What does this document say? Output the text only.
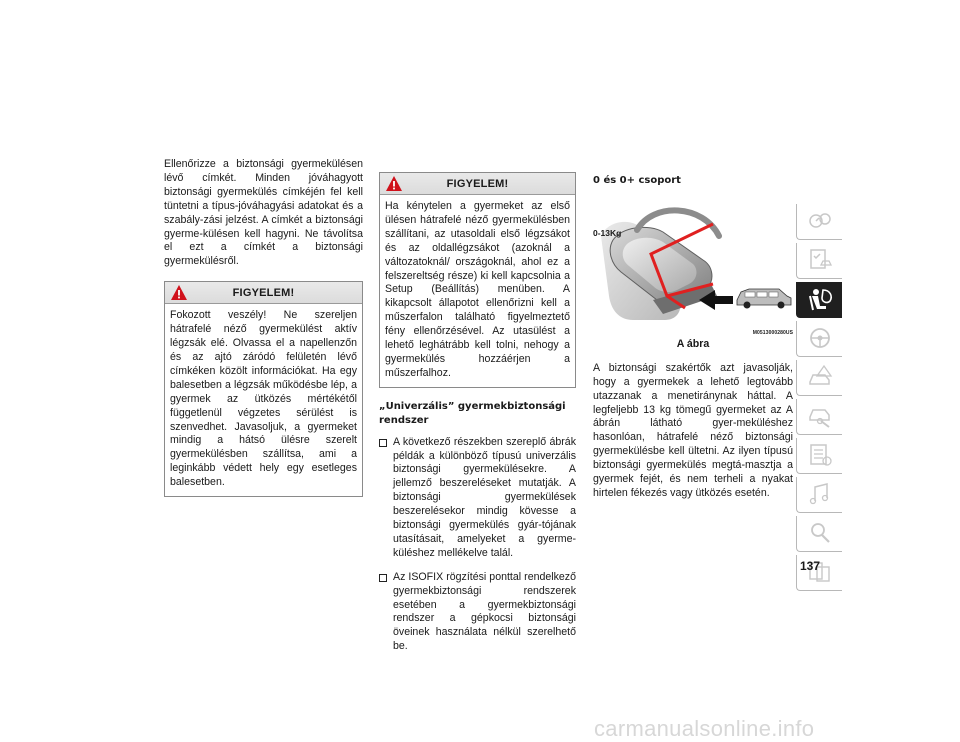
Ellenőrizze a biztonsági gyermekülésen lévő címkét. Minden jóváhagyott biztonsági gyermekülés címkéjén fel kell tüntetni a típus-jóváhagyási adatokat és a szabály-zási jelzést. A címkét a biztonsági gyerme-külésen kell hagyni. Ne távolítsa el ezt a címkét a biztonsági gyermekülésről.

FIGYELEM!
Fokozott veszély! Ne szereljen hátrafelé néző gyermekülést aktív légzsák elé. Olvassa el a napellenzőn és az ajtó záródó felületén lévő címkéken közölt információkat. Ha egy balesetben a légzsák működésbe lép, a gyermek az ütközés mértékétől függetlenül végzetes sérülést is szenvedhet. Javasoljuk, a gyermeket mindig a hátsó ülésre szerelt gyermekülésben szállítsa, ami a leginkább védett hely egy esetleges balesetben.
FIGYELEM!
Ha kénytelen a gyermeket az első ülésen hátrafelé néző gyermekülésben szállítani, az utasoldali első légzsákot és az oldallégzsákot (azoknál a változatoknál/ országoknál, ahol ez a felszereltség része) ki kell kapcsolnia a Setup (Beállítás) menüben. A kikapcsolt állapotot ellenőrizni kell a műszerfalon található figyelmeztető fény ellenőrzésével. Az utasülést a lehető leghátrább kell tolni, nehogy a gyermekülés hozzáérjen a műszerfalhoz.
„Univerzális” gyermekbiztonsági rendszer
A következő részekben szereplő ábrák példák a különböző típusú univerzális biztonsági gyermekülésekre. A jellemző beszereléseket mutatják. A biztonsági gyermekülések beszerelésekor mindig kövesse a biztonsági gyermekülés gyár-tójának utasításait, amelyeket a gyerme-küléshez mellékelve talál.
Az ISOFIX rögzítési ponttal rendelkező gyermekbiztonsági rendszerek esetében a gyermekbiztonsági rendszer a gépkocsi biztonsági öveinek használata nélkül szerelhető be.
0 és 0+ csoport
0-13Kg
M0513000280US
A ábra

A biztonsági szakértők azt javasolják, hogy a gyermekek a lehető legtovább utazzanak a menetiránynak háttal. A legfeljebb 13 kg tömegű gyermeket az A ábrán látható gyer-meküléshez hasonlóan, hátrafelé néző biztonsági gyermekülésbe kell ültetni. Az ilyen típusú biztonsági gyermekülés megtá-masztja a gyermek fejét, és nem terheli a nyakat hirtelen fékezés vagy ütközés esetén.

137
carmanualsonline.info
